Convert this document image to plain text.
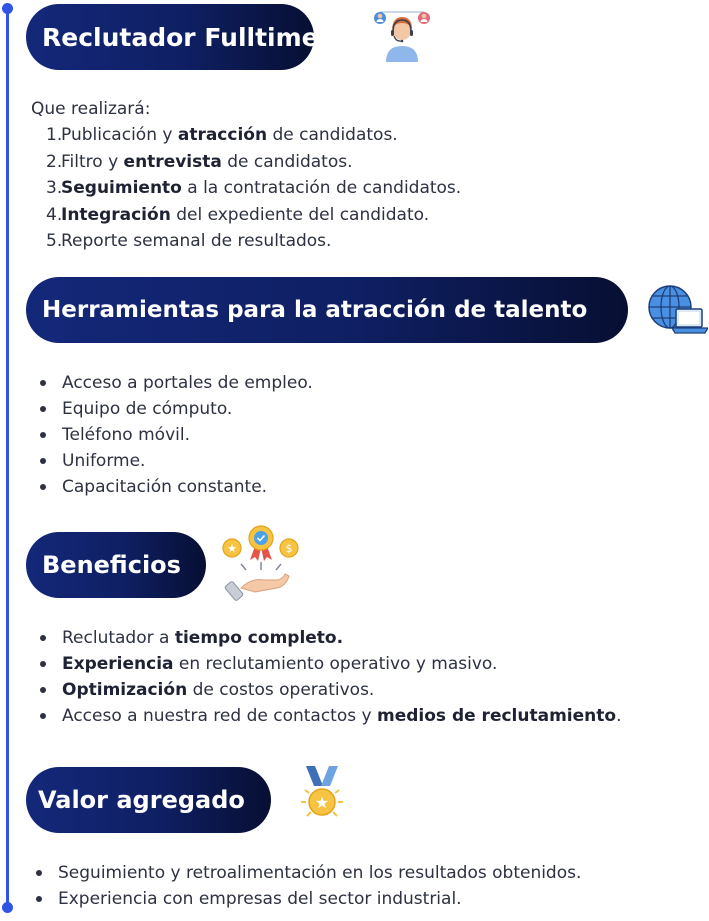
Reclutador Fulltime
Que realizará:
1.
Publicación y atracción de candidatos.
2.
Filtro y entrevista de candidatos.
3.
Seguimiento a la contratación de candidatos.
4.
Integración del expediente del candidato.
5.
Reporte semanal de resultados.
Herramientas para la atracción de talento
Acceso a portales de empleo.
Equipo de cómputo.
Teléfono móvil.
Uniforme.
Capacitación constante.
Beneficios
★	$
Reclutador a tiempo completo.
Experiencia en reclutamiento operativo y masivo.
Optimización de costos operativos.
Acceso a nuestra red de contactos y medios de reclutamiento.
Valor agregado	★
Seguimiento y retroalimentación en los resultados obtenidos.
Experiencia con empresas del sector industrial.
